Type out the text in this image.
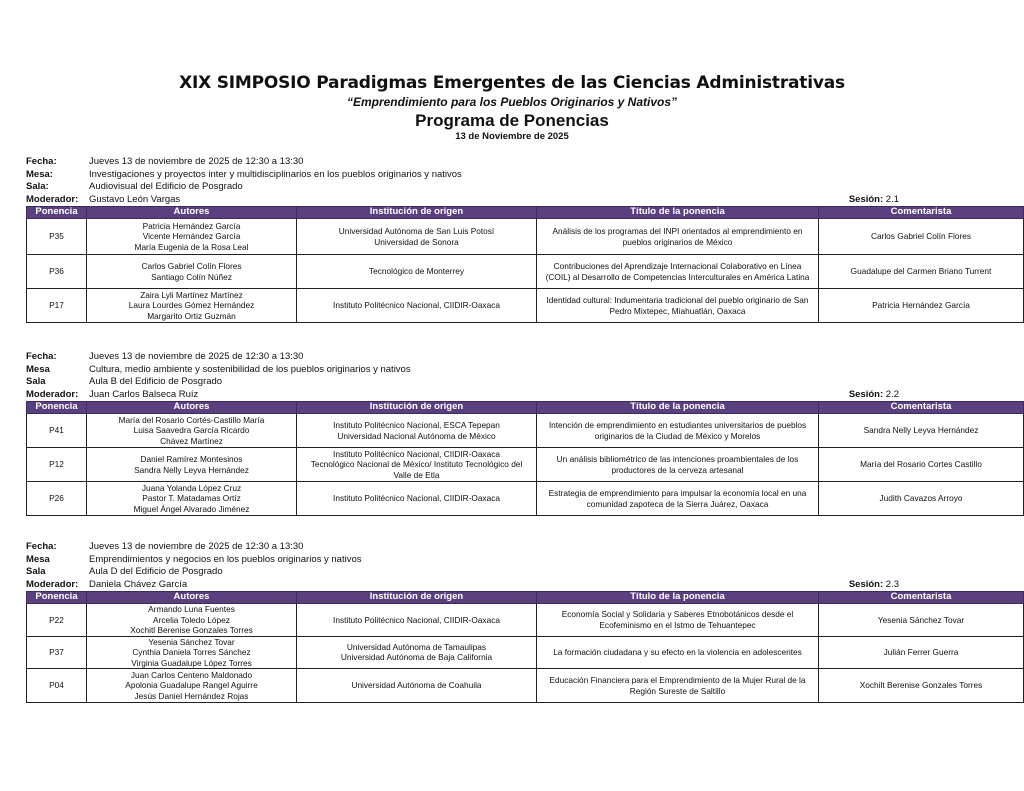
XIX SIMPOSIO Paradigmas Emergentes de las Ciencias Administrativas
“Emprendimiento para los Pueblos Originarios y Nativos”
Programa de Ponencias
13 de Noviembre de 2025
Fecha:	Jueves 13 de noviembre de 2025 de 12:30 a 13:30
Mesa:	Investigaciones y proyectos inter y multidisciplinarios en los pueblos originarios y nativos
Sala:	Audiovisual del Edificio de Posgrado
Moderador:	Gustavo León Vargas	Sesión: 2.1
Ponencia	Autores	Institución de origen	Título de la ponencia	Comentarista
P35	Patricia Hernández García
Vicente Hernández García
María Eugenia de la Rosa Leal	Universidad Autónoma de San Luis Potosí
Universidad de Sonora	Análisis de los programas del INPI orientados al emprendimiento en
pueblos originarios de México	Carlos Gabriel Colín Flores
P36	Carlos Gabriel Colín Flores
Santiago Colín Núñez	Tecnológico de Monterrey	Contribuciones del Aprendizaje Internacional Colaborativo en Línea
(COIL) al Desarrollo de Competencias Interculturales en América Latina	Guadalupe del Carmen Briano Turrent
P17	Zaira Lyli Martínez Martínez
Laura Lourdes Gómez Hernández
Margarito Ortiz Guzmán	Instituto Politécnico Nacional, CIIDIR-Oaxaca	Identidad cultural: Indumentaria tradicional del pueblo originario de San
Pedro Mixtepec, Miahuatlán, Oaxaca	Patricia Hernández García
Fecha:	Jueves 13 de noviembre de 2025 de 12:30 a 13:30
Mesa	Cultura, medio ambiente y sostenibilidad de los pueblos originarios y nativos
Sala	Aula B del Edificio de Posgrado
Moderador:	Juan Carlos Balseca Ruíz	Sesión: 2.2
Ponencia	Autores	Institución de origen	Título de la ponencia	Comentarista
P41	María del Rosario Cortés-Castillo María
Luisa Saavedra García Ricardo
Chávez Martínez	Instituto Politécnico Nacional, ESCA Tepepan
Universidad Nacional Autónoma de México	Intención de emprendimiento en estudiantes universitarios de pueblos
originarios de la Ciudad de México y Morelos	Sandra Nelly Leyva Hernández
P12	Daniel Ramírez Montesinos
Sandra Nelly Leyva Hernández	Instituto Politécnico Nacional, CIIDIR-Oaxaca
Tecnológico Nacional de México/ Instituto Tecnológico del
Valle de Etla	Un análisis bibliométrico de las intenciones proambientales de los
productores de la cerveza artesanal	María del Rosario Cortes Castillo
P26	Juana Yolanda López Cruz
Pastor T. Matadamas Ortíz
Miguel Ángel Alvarado Jiménez	Instituto Politécnico Nacional, CIIDIR-Oaxaca	Estrategia de emprendimiento para impulsar la economía local en una
comunidad zapoteca de la Sierra Juárez, Oaxaca	Judith Cavazos Arroyo
Fecha:	Jueves 13 de noviembre de 2025 de 12:30 a 13:30
Mesa	Emprendimientos y negocios en los pueblos originarios y nativos
Sala	Aula D del Edificio de Posgrado
Moderador:	Daniela Chávez García	Sesión: 2.3
Ponencia	Autores	Institución de origen	Título de la ponencia	Comentarista
P22	Armando Luna Fuentes
Arcelia Toledo López
Xochitl Berenise Gonzales Torres	Instituto Politécnico Nacional, CIIDIR-Oaxaca	Economía Social y Solidaria y Saberes Etnobotánicos desde el
Ecofeminismo en el Istmo de Tehuantepec	Yesenia Sánchez Tovar
P37	Yesenia Sánchez Tovar
Cynthia Daniela Torres Sánchez
Virginia Guadalupe López Torres	Universidad Autónoma de Tamaulipas
Universidad Autónoma de Baja California	La formación ciudadana y su efecto en la violencia en adolescentes	Julián Ferrer Guerra
P04	Juan Carlos Centeno Maldonado
Apolonia Guadalupe Rangel Aguirre
Jesús Daniel Hernández Rojas	Universidad Autónoma de Coahuila	Educación Financiera para el Emprendimiento de la Mujer Rural de la
Región Sureste de Saltillo	Xochilt Berenise Gonzales Torres
